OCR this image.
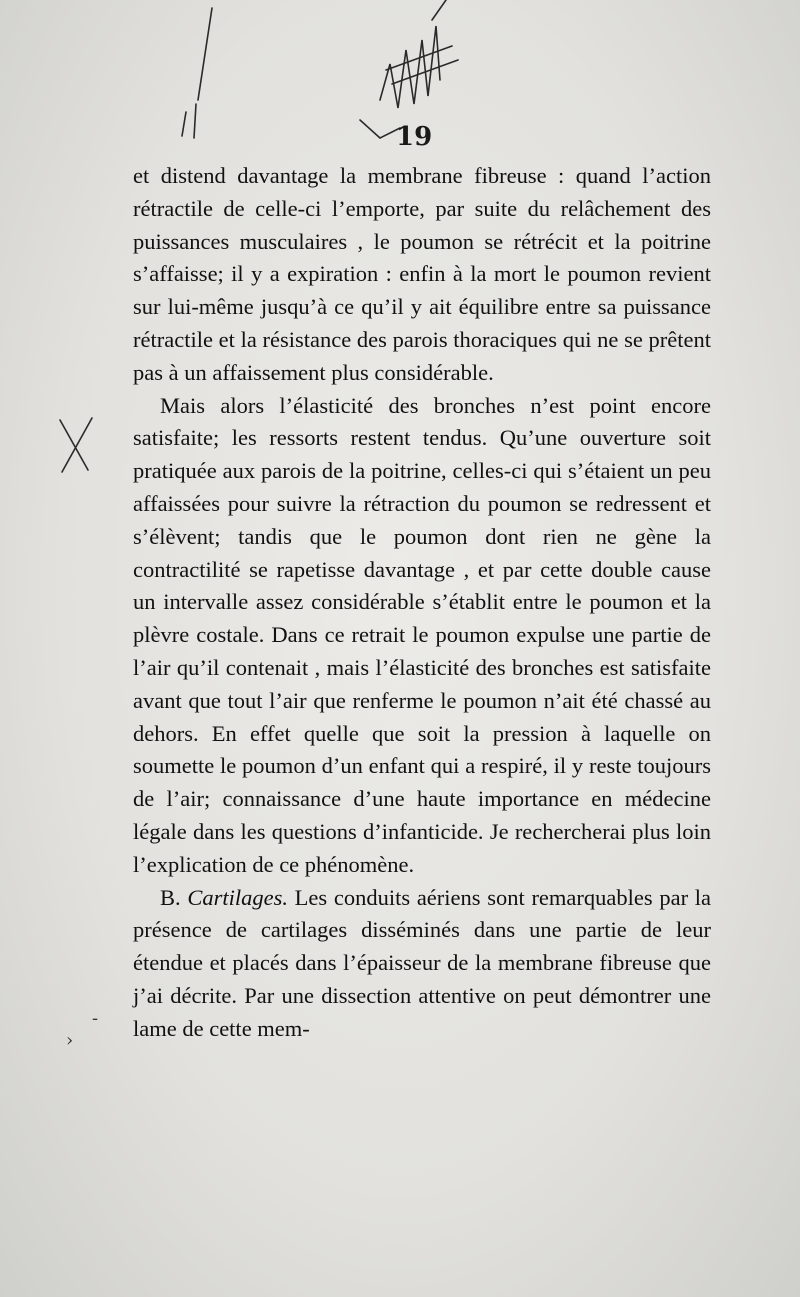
19

et distend davantage la membrane fibreuse : quand l’action rétractile de celle-ci l’emporte, par suite du relâchement des puissances musculaires , le poumon se rétrécit et la poitrine s’affaisse; il y a expiration : enfin à la mort le poumon revient sur lui-même jusqu’à ce qu’il y ait équilibre entre sa puissance rétractile et la résistance des parois thoraciques qui ne se prêtent pas à un affaissement plus considérable.

Mais alors l’élasticité des bronches n’est point encore satisfaite; les ressorts restent tendus. Qu’une ouverture soit pratiquée aux parois de la poitrine, celles-ci qui s’étaient un peu affaissées pour suivre la rétraction du poumon se redressent et s’élèvent; tandis que le poumon dont rien ne gène la contractilité se rapetisse davantage , et par cette double cause un intervalle assez considérable s’établit entre le poumon et la plèvre costale. Dans ce retrait le poumon expulse une partie de l’air qu’il contenait , mais l’élasticité des bronches est satisfaite avant que tout l’air que renferme le poumon n’ait été chassé au dehors. En effet quelle que soit la pression à laquelle on soumette le poumon d’un enfant qui a respiré, il y reste toujours de l’air; connaissance d’une haute importance en médecine légale dans les questions d’infanticide. Je rechercherai plus loin l’explication de ce phénomène.

B. Cartilages. Les conduits aériens sont remarquables par la présence de cartilages disséminés dans une partie de leur étendue et placés dans l’épaisseur de la membrane fibreuse que j’ai décrite. Par une dissection attentive on peut démontrer une lame de cette mem-

-
›
